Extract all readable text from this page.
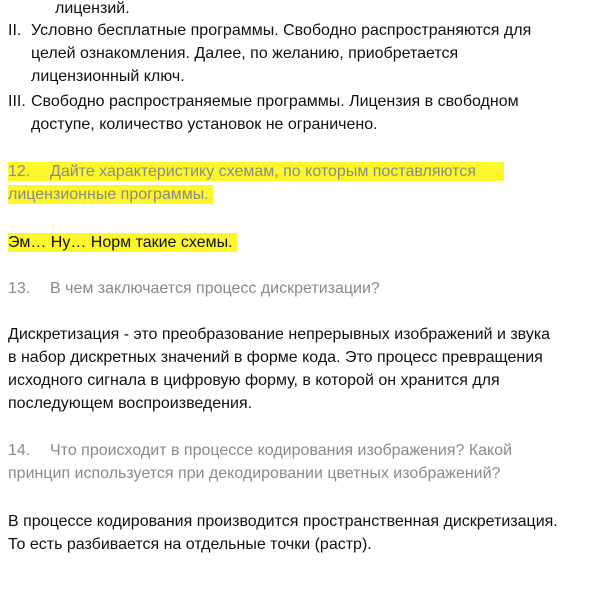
лицензий.
II. Условно бесплатные программы. Свободно распространяются для
целей ознакомления. Далее, по желанию, приобретается
лицензионный ключ.
III. Свободно распространяемые программы. Лицензия в свободном
доступе, количество установок не ограничено.
12. Дайте характеристику схемам, по которым поставляются
лицензионные программы.
Эм… Ну… Норм такие схемы.
13. В чем заключается процесс дискретизации?
Дискретизация - это преобразование непрерывных изображений и звука
в набор дискретных значений в форме кода. Это процесс превращения
исходного сигнала в цифровую форму, в которой он хранится для
последующем воспроизведения.
14. Что происходит в процессе кодирования изображения? Какой
принцип используется при декодировании цветных изображений?
В процессе кодирования производится пространственная дискретизация.
То есть разбивается на отдельные точки (растр).
